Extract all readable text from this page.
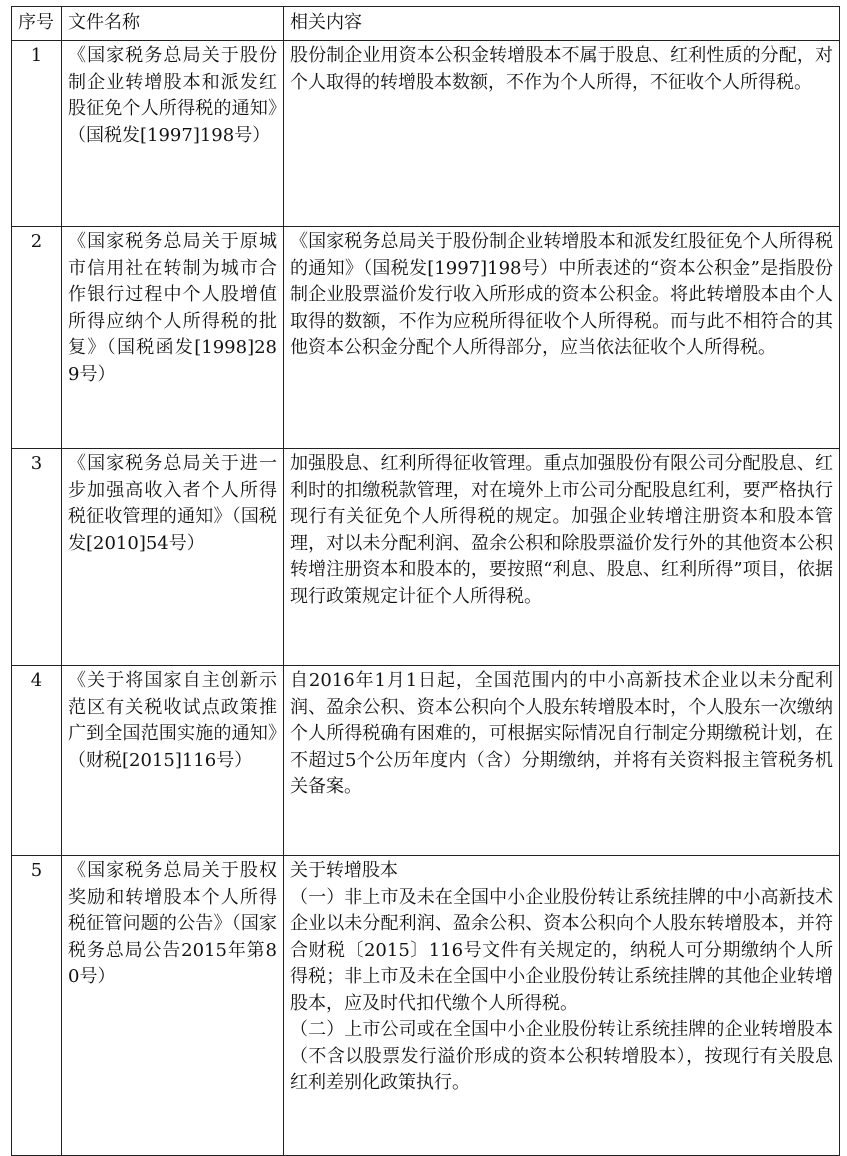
序号	文件名称	相关内容
1	《国家税务总局关于股份制企业转增股本和派发红股征免个人所得税的通知》（国税发[1997]198号）	股份制企业用资本公积金转增股本不属于股息、红利性质的分配，对个人取得的转增股本数额，不作为个人所得，不征收个人所得税。

2	《国家税务总局关于原城市信用社在转制为城市合作银行过程中个人股增值所得应纳个人所得税的批复》（国税函发[1998]289号）	《国家税务总局关于股份制企业转增股本和派发红股征免个人所得税的通知》（国税发[1997]198号）中所表述的“资本公积金”是指股份制企业股票溢价发行收入所形成的资本公积金。将此转增股本由个人取得的数额，不作为应税所得征收个人所得税。而与此不相符合的其他资本公积金分配个人所得部分，应当依法征收个人所得税。

3	《国家税务总局关于进一步加强高收入者个人所得税征收管理的通知》（国税发[2010]54号）	加强股息、红利所得征收管理。重点加强股份有限公司分配股息、红利时的扣缴税款管理，对在境外上市公司分配股息红利，要严格执行现行有关征免个人所得税的规定。加强企业转增注册资本和股本管理，对以未分配利润、盈余公积和除股票溢价发行外的其他资本公积转增注册资本和股本的，要按照“利息、股息、红利所得”项目，依据现行政策规定计征个人所得税。

4	《关于将国家自主创新示范区有关税收试点政策推广到全国范围实施的通知》（财税[2015]116号）	自2016年1月1日起，全国范围内的中小高新技术企业以未分配利润、盈余公积、资本公积向个人股东转增股本时，个人股东一次缴纳个人所得税确有困难的，可根据实际情况自行制定分期缴税计划，在不超过5个公历年度内（含）分期缴纳，并将有关资料报主管税务机关备案。

5	《国家税务总局关于股权奖励和转增股本个人所得税征管问题的公告》（国家税务总局公告2015年第80号）	关于转增股本
（一）非上市及未在全国中小企业股份转让系统挂牌的中小高新技术企业以未分配利润、盈余公积、资本公积向个人股东转增股本，并符合财税〔2015〕116号文件有关规定的，纳税人可分期缴纳个人所得税；非上市及未在全国中小企业股份转让系统挂牌的其他企业转增股本，应及时代扣代缴个人所得税。
（二）上市公司或在全国中小企业股份转让系统挂牌的企业转增股本（不含以股票发行溢价形成的资本公积转增股本），按现行有关股息红利差别化政策执行。
